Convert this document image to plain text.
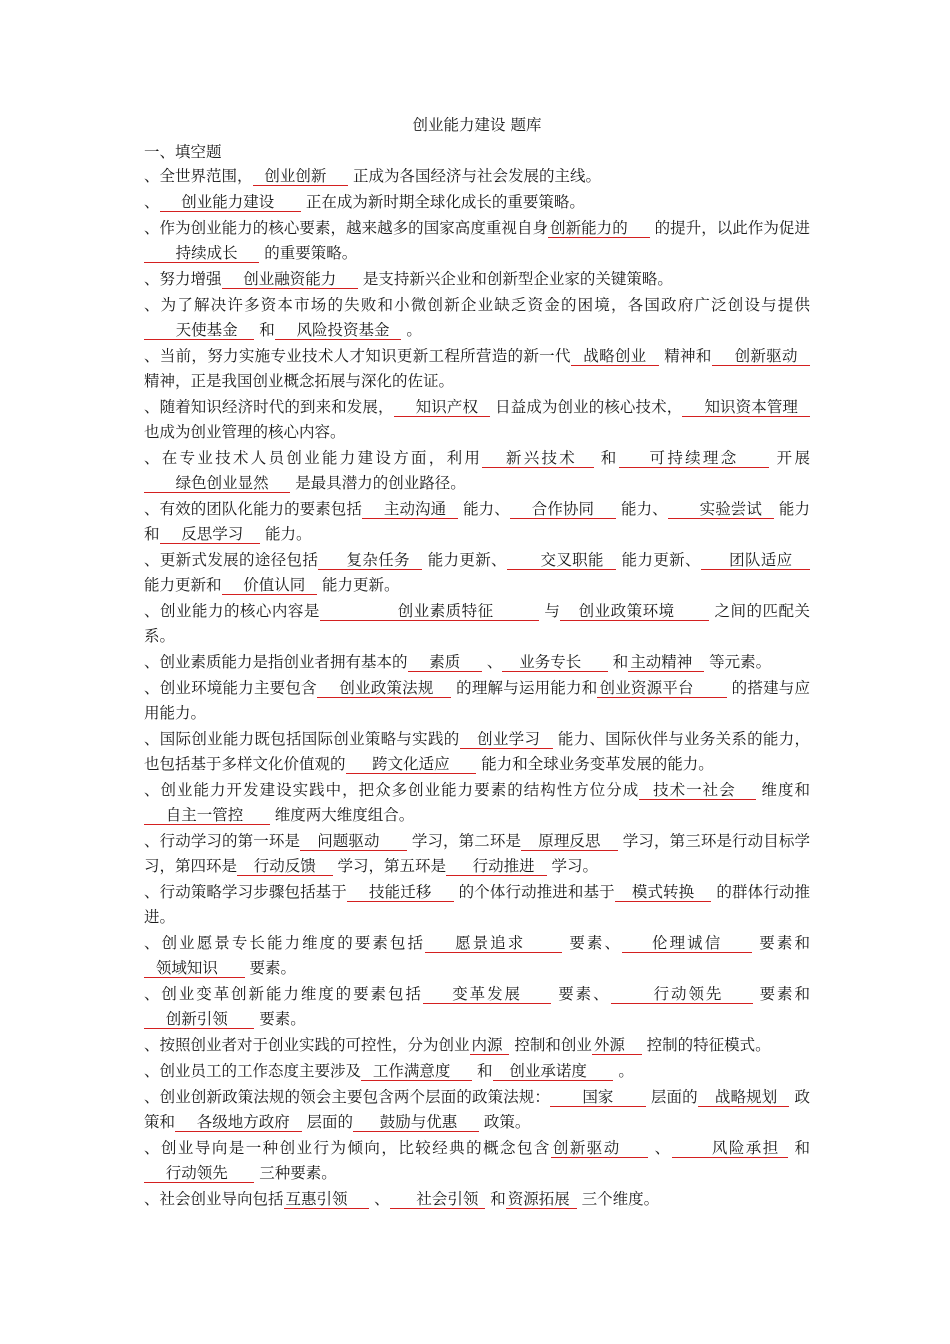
创业能力建设 题库
一、填空题

、全世界范围， 创业创新     正成为各国经济与社会发展的主线。

、 创业能力建设      正在成为新时期全球化成长的重要策略。

、作为创业能力的核心要素，越来越多的国家高度重视自身 创新能力的     的提升，以此作为促进      持续成长     的重要策略。

、努力增强 创业融资能力     是支持新兴企业和创新型企业家的关键策略。

、为了解决许多资本市场的失败和小微创新企业缺乏资金的困境，各国政府广泛创设与提供      天使基金    和 风险投资基金   。

、当前，努力实施专业技术人才知识更新工程所营造的新一代 战略创业   精神和 创新驱动   精神，正是我国创业概念拓展与深化的佐证。

、随着知识经济时代的到来和发展， 知识产权   日益成为创业的核心技术， 知识资本管理   也成为创业管理的核心内容。

、在专业技术人员创业能力建设方面，利用 新兴技术   和 可持续理念     开展      绿色创业显然     是最具潜力的创业路径。

、有效的团队化能力的要素包括 主动沟通   能力、 合作协同     能力、 实验尝试   能力和 反思学习    能力。

、更新式发展的途径包括 复杂任务   能力更新、 交叉职能   能力更新、 团队适应    能力更新和 价值认同   能力更新。

、创业能力的核心内容是	创业素质特征	与 创业政策环境       之间的匹配关系。

、创业素质能力是指创业者拥有基本的 素质     、 业务专长      和 主动精神   等元素。

、创业环境能力主要包含 创业政策法规    的理解与运用能力和 创业资源平台       的搭建与应用能力。

、国际创业能力既包括国际创业策略与实践的 创业学习   能力、国际伙伴与业务关系的能力，也包括基于多样文化价值观的 跨文化适应      能力和全球业务变革发展的能力。

、创业能力开发建设实践中，把众多创业能力要素的结构性方位分成 技术一社会    维度和    自主一管控      维度两大维度组合。

、行动学习的第一环是 问题驱动      学习，第二环是 原理反思    学习，第三环是行动目标学习，第四环是 行动反馈    学习，第五环是 行动推进   学习。

、行动策略学习步骤包括基于 技能迁移     的个体行动推进和基于 模式转换    的群体行动推进。

、创业愿景专长能力维度的要素包括 愿景追求      要素、 伦理诚信     要素和  领域知识      要素。

、创业变革创新能力维度的要素包括 变革发展     要素、	行动领先     要素和    创新引领      要素。

、按照创业者对于创业实践的可控性，分为创业 内源  控制和创业 外源    控制的特征模式。

、创业员工的工作态度主要涉及 工作满意度     和 创业承诺度      。

、创业创新政策法规的领会主要包含两个层面的政策法规： 国家       层面的 战略规划   政策和 各级地方政府   层面的 鼓励与优惠     政策。

、创业导向是一种创业行为倾向，比较经典的概念包含 创新驱动     、	风险承担  和    行动领先      三种要素。

、社会创业导向包括 互惠引领     、 社会引领  和 资源拓展  三个维度。
